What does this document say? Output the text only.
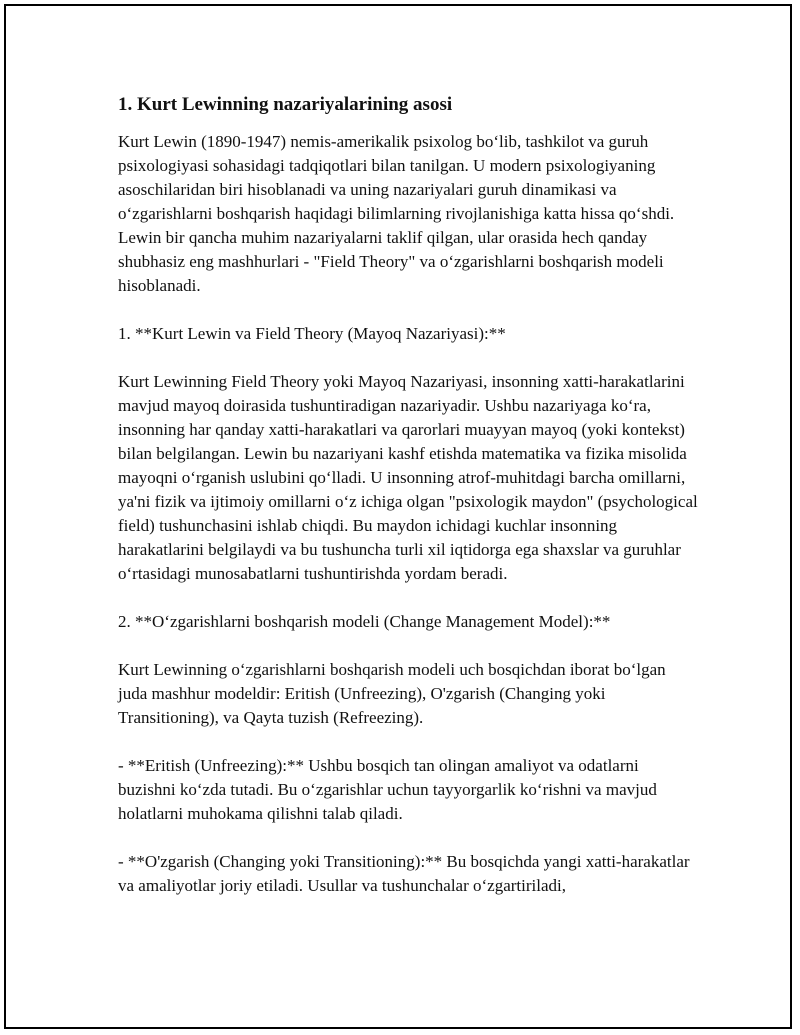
1. Kurt Lewinning nazariyalarining asosi

Kurt Lewin (1890-1947) nemis-amerikalik psixolog bo‘lib, tashkilot va guruh psixologiyasi sohasidagi tadqiqotlari bilan tanilgan. U modern psixologiyaning asoschilaridan biri hisoblanadi va uning nazariyalari guruh dinamikasi va o‘zgarishlarni boshqarish haqidagi bilimlarning rivojlanishiga katta hissa qo‘shdi. Lewin bir qancha muhim nazariyalarni taklif qilgan, ular orasida hech qanday shubhasiz eng mashhurlari - "Field Theory" va o‘zgarishlarni boshqarish modeli hisoblanadi.

1. **Kurt Lewin va Field Theory (Mayoq Nazariyasi):**

Kurt Lewinning Field Theory yoki Mayoq Nazariyasi, insonning xatti-harakatlarini mavjud mayoq doirasida tushuntiradigan nazariyadir. Ushbu nazariyaga ko‘ra, insonning har qanday xatti-harakatlari va qarorlari muayyan mayoq (yoki kontekst) bilan belgilangan. Lewin bu nazariyani kashf etishda matematika va fizika misolida mayoqni o‘rganish uslubini qo‘lladi. U insonning atrof-muhitdagi barcha omillarni, ya'ni fizik va ijtimoiy omillarni o‘z ichiga olgan "psixologik maydon" (psychological field) tushunchasini ishlab chiqdi. Bu maydon ichidagi kuchlar insonning harakatlarini belgilaydi va bu tushuncha turli xil iqtidorga ega shaxslar va guruhlar o‘rtasidagi munosabatlarni tushuntirishda yordam beradi.

2. **O‘zgarishlarni boshqarish modeli (Change Management Model):**

Kurt Lewinning o‘zgarishlarni boshqarish modeli uch bosqichdan iborat bo‘lgan juda mashhur modeldir: Eritish (Unfreezing), O'zgarish (Changing yoki Transitioning), va Qayta tuzish (Refreezing).

- **Eritish (Unfreezing):** Ushbu bosqich tan olingan amaliyot va odatlarni buzishni ko‘zda tutadi. Bu o‘zgarishlar uchun tayyorgarlik ko‘rishni va mavjud holatlarni muhokama qilishni talab qiladi.

- **O'zgarish (Changing yoki Transitioning):** Bu bosqichda yangi xatti-harakatlar va amaliyotlar joriy etiladi. Usullar va tushunchalar o‘zgartiriladi,
